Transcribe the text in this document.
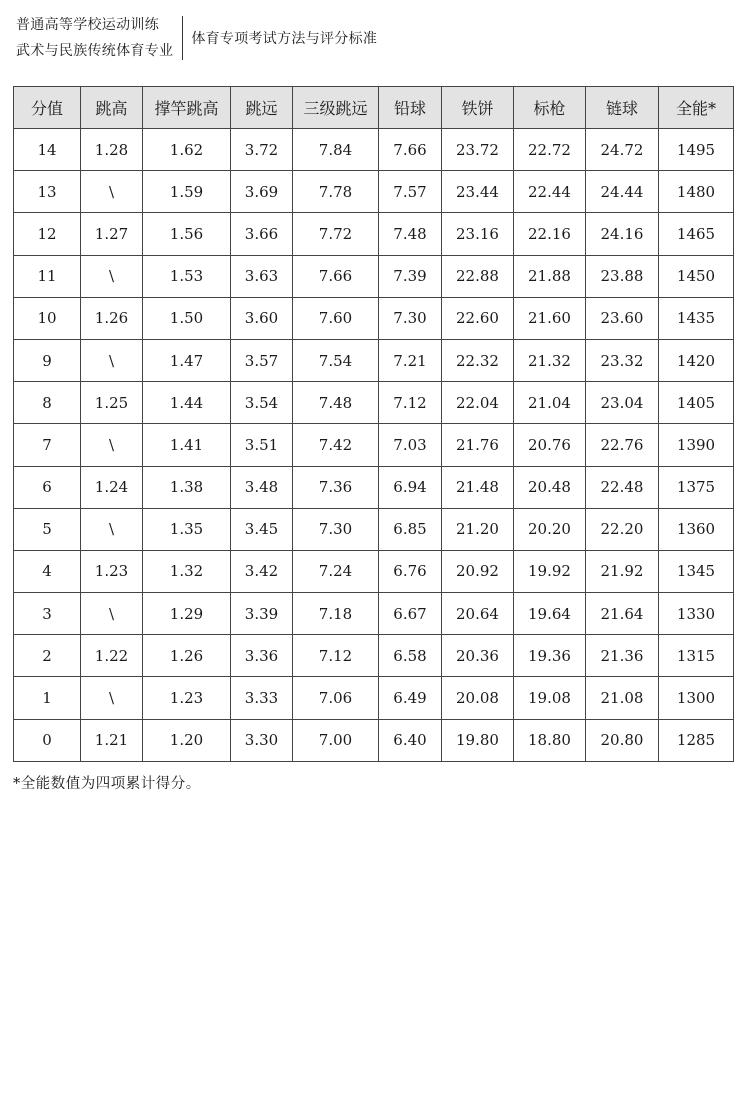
普通高等学校运动训练
武术与民族传统体育专业
体育专项考试方法与评分标准
分值	跳高	撑竿跳高	跳远	三级跳远	铅球	铁饼	标枪	链球	全能*
14	1.28	1.62	3.72	7.84	7.66	23.72	22.72	24.72	1495
13	\	1.59	3.69	7.78	7.57	23.44	22.44	24.44	1480
12	1.27	1.56	3.66	7.72	7.48	23.16	22.16	24.16	1465
11	\	1.53	3.63	7.66	7.39	22.88	21.88	23.88	1450
10	1.26	1.50	3.60	7.60	7.30	22.60	21.60	23.60	1435
9	\	1.47	3.57	7.54	7.21	22.32	21.32	23.32	1420
8	1.25	1.44	3.54	7.48	7.12	22.04	21.04	23.04	1405
7	\	1.41	3.51	7.42	7.03	21.76	20.76	22.76	1390
6	1.24	1.38	3.48	7.36	6.94	21.48	20.48	22.48	1375
5	\	1.35	3.45	7.30	6.85	21.20	20.20	22.20	1360
4	1.23	1.32	3.42	7.24	6.76	20.92	19.92	21.92	1345
3	\	1.29	3.39	7.18	6.67	20.64	19.64	21.64	1330
2	1.22	1.26	3.36	7.12	6.58	20.36	19.36	21.36	1315
1	\	1.23	3.33	7.06	6.49	20.08	19.08	21.08	1300
0	1.21	1.20	3.30	7.00	6.40	19.80	18.80	20.80	1285
*全能数值为四项累计得分。
